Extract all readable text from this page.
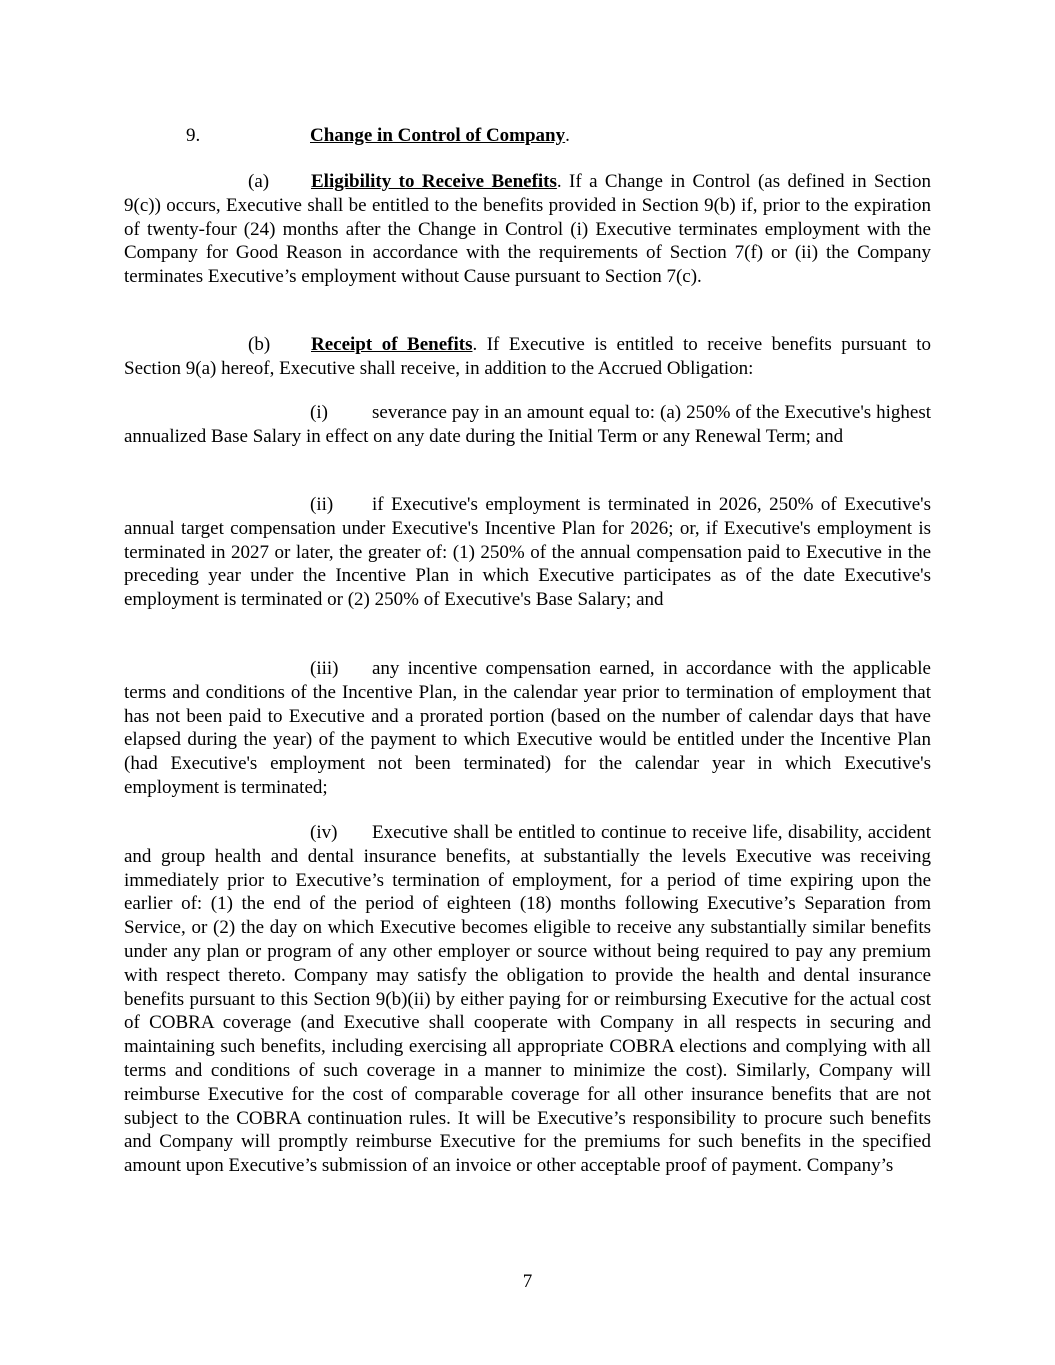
9.	Change in Control of Company.
(a) Eligibility to Receive Benefits. If a Change in Control (as defined in Section 9(c)) occurs, Executive shall be entitled to the benefits provided in Section 9(b) if, prior to the expiration of twenty-four (24) months after the Change in Control (i) Executive terminates employment with the Company for Good Reason in accordance with the requirements of Section 7(f) or (ii) the Company terminates Executive’s employment without Cause pursuant to Section 7(c).
(b) Receipt of Benefits. If Executive is entitled to receive benefits pursuant to Section 9(a) hereof, Executive shall receive, in addition to the Accrued Obligation:
(i) severance pay in an amount equal to: (a) 250% of the Executive's highest annualized Base Salary in effect on any date during the Initial Term or any Renewal Term; and
(ii) if Executive's employment is terminated in 2026, 250% of Executive's annual target compensation under Executive's Incentive Plan for 2026; or, if Executive's employment is terminated in 2027 or later, the greater of: (1) 250% of the annual compensation paid to Executive in the preceding year under the Incentive Plan in which Executive participates as of the date Executive's employment is terminated or (2) 250% of Executive's Base Salary; and
(iii) any incentive compensation earned, in accordance with the applicable terms and conditions of the Incentive Plan, in the calendar year prior to termination of employment that has not been paid to Executive and a prorated portion (based on the number of calendar days that have elapsed during the year) of the payment to which Executive would be entitled under the Incentive Plan (had Executive's employment not been terminated) for the calendar year in which Executive's employment is terminated;
(iv) Executive shall be entitled to continue to receive life, disability, accident and group health and dental insurance benefits, at substantially the levels Executive was receiving immediately prior to Executive’s termination of employment, for a period of time expiring upon the earlier of: (1) the end of the period of eighteen (18) months following Executive’s Separation from Service, or (2) the day on which Executive becomes eligible to receive any substantially similar benefits under any plan or program of any other employer or source without being required to pay any premium with respect thereto. Company may satisfy the obligation to provide the health and dental insurance benefits pursuant to this Section 9(b)(ii) by either paying for or reimbursing Executive for the actual cost of COBRA coverage (and Executive shall cooperate with Company in all respects in securing and maintaining such benefits, including exercising all appropriate COBRA elections and complying with all terms and conditions of such coverage in a manner to minimize the cost). Similarly, Company will reimburse Executive for the cost of comparable coverage for all other insurance benefits that are not subject to the COBRA continuation rules. It will be Executive’s responsibility to procure such benefits and Company will promptly reimburse Executive for the premiums for such benefits in the specified amount upon Executive’s submission of an invoice or other acceptable proof of payment. Company’s
7
